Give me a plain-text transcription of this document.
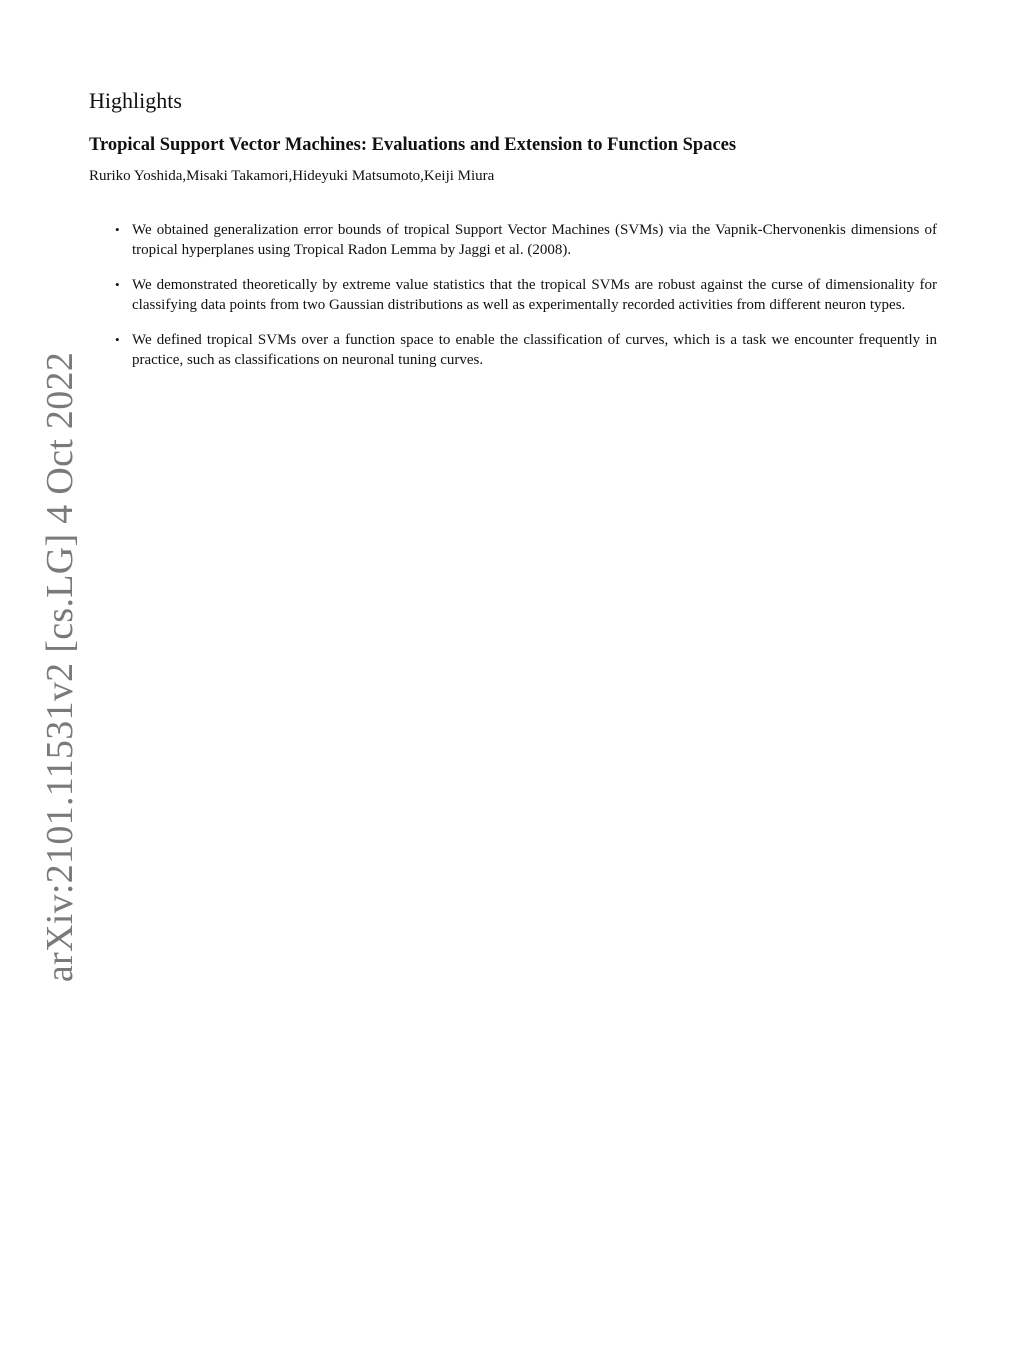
arXiv:2101.11531v2 [cs.LG] 4 Oct 2022
Highlights
Tropical Support Vector Machines: Evaluations and Extension to Function Spaces

Ruriko Yoshida,Misaki Takamori,Hideyuki Matsumoto,Keiji Miura

• We obtained generalization error bounds of tropical Support Vector Machines (SVMs) via the Vapnik-Chervonenkis dimensions of tropical hyperplanes using Tropical Radon Lemma by Jaggi et al. (2008).
• We demonstrated theoretically by extreme value statistics that the tropical SVMs are robust against the curse of dimensionality for classifying data points from two Gaussian distributions as well as experimentally recorded activities from different neuron types.
• We defined tropical SVMs over a function space to enable the classification of curves, which is a task we encounter frequently in practice, such as classifications on neuronal tuning curves.
